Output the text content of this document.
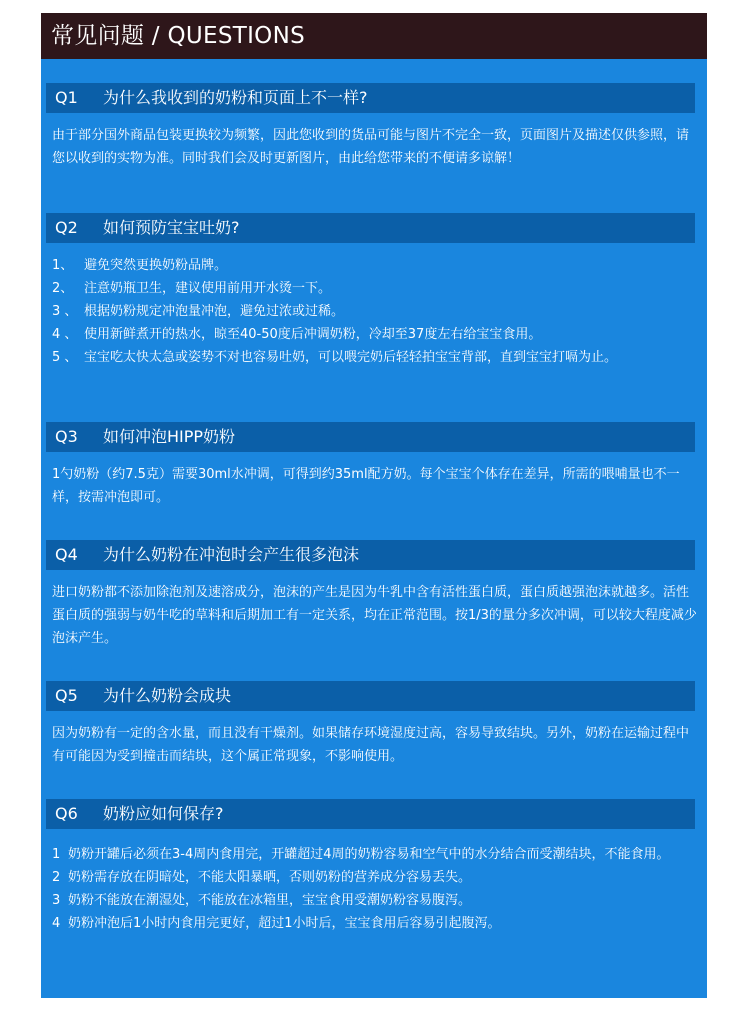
常见问题 / QUESTIONS
Q1 为什么我收到的奶粉和页面上不一样?

由于部分国外商品包装更换较为频繁，因此您收到的货品可能与图片不完全一致，页面图片及描述仅供参照，请您以收到的实物为准。同时我们会及时更新图片，由此给您带来的不便请多谅解！

Q2 如何预防宝宝吐奶?
1、 避免突然更换奶粉品牌。
2、 注意奶瓶卫生，建议使用前用开水烫一下。
3 、 根据奶粉规定冲泡量冲泡，避免过浓或过稀。
4 、 使用新鲜煮开的热水，晾至40-50度后冲调奶粉，冷却至37度左右给宝宝食用。
5 、 宝宝吃太快太急或姿势不对也容易吐奶，可以喂完奶后轻轻拍宝宝背部，直到宝宝打嗝为止。
Q3 如何冲泡HIPP奶粉

1勺奶粉（约7.5克）需要30ml水冲调，可得到约35ml配方奶。每个宝宝个体存在差异，所需的喂哺量也不一样，按需冲泡即可。

Q4 为什么奶粉在冲泡时会产生很多泡沫

进口奶粉都不添加除泡剂及速溶成分，泡沫的产生是因为牛乳中含有活性蛋白质，蛋白质越强泡沫就越多。活性蛋白质的强弱与奶牛吃的草料和后期加工有一定关系，均在正常范围。按1/3的量分多次冲调，可以较大程度减少泡沫产生。

Q5 为什么奶粉会成块

因为奶粉有一定的含水量，而且没有干燥剂。如果储存环境湿度过高，容易导致结块。另外，奶粉在运输过程中有可能因为受到撞击而结块，这个属正常现象，不影响使用。

Q6 奶粉应如何保存?
1 奶粉开罐后必须在3-4周内食用完，开罐超过4周的奶粉容易和空气中的水分结合而受潮结块，不能食用。
2 奶粉需存放在阴暗处，不能太阳暴晒，否则奶粉的营养成分容易丢失。
3 奶粉不能放在潮湿处，不能放在冰箱里，宝宝食用受潮奶粉容易腹泻。
4 奶粉冲泡后1小时内食用完更好，超过1小时后，宝宝食用后容易引起腹泻。
